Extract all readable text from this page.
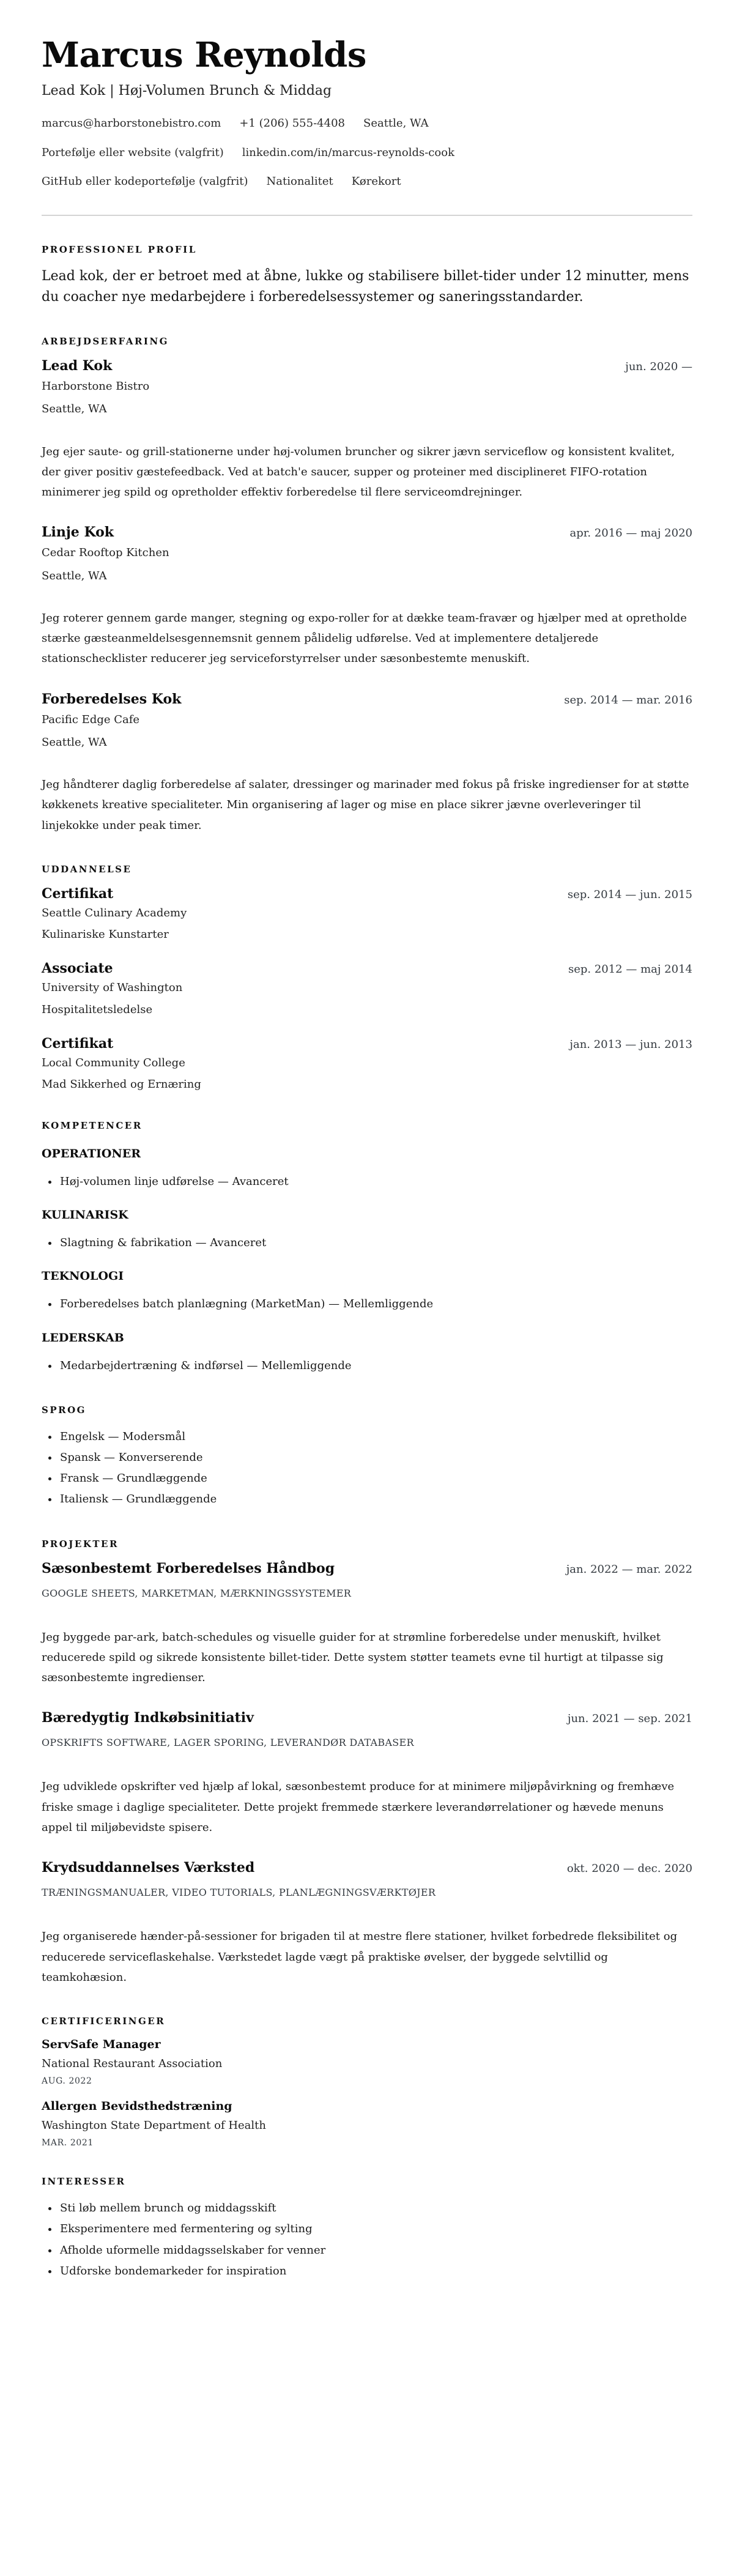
Marcus Reynolds
Lead Kok | Høj-Volumen Brunch & Middag
marcus@harborstonebistro.com +1 (206) 555-4408 Seattle, WA
Portefølje eller website (valgfrit) linkedin.com/in/marcus-reynolds-cook
GitHub eller kodeportefølje (valgfrit) Nationalitet Kørekort
PROFESSIONEL PROFIL

Lead kok, der er betroet med at åbne, lukke og stabilisere billet-tider under 12 minutter, mens du coacher nye medarbejdere i forberedelsessystemer og saneringsstandarder.

ARBEJDSERFARING
Lead Kok	jun. 2020 —
Harborstone Bistro
Seattle, WA

Jeg ejer saute- og grill-stationerne under høj-volumen bruncher og sikrer jævn serviceflow og konsistent kvalitet, der giver positiv gæstefeedback. Ved at batch'e saucer, supper og proteiner med disciplineret FIFO-rotation minimerer jeg spild og opretholder effektiv forberedelse til flere serviceomdrejninger.

Linje Kok	apr. 2016 — maj 2020
Cedar Rooftop Kitchen
Seattle, WA

Jeg roterer gennem garde manger, stegning og expo-roller for at dække team-fravær og hjælper med at opretholde stærke gæsteanmeldelsesgennemsnit gennem pålidelig udførelse. Ved at implementere detaljerede stationschecklister reducerer jeg serviceforstyrrelser under sæsonbestemte menuskift.

Forberedelses Kok	sep. 2014 — mar. 2016
Pacific Edge Cafe
Seattle, WA

Jeg håndterer daglig forberedelse af salater, dressinger og marinader med fokus på friske ingredienser for at støtte køkkenets kreative specialiteter. Min organisering af lager og mise en place sikrer jævne overleveringer til linjekokke under peak timer.

UDDANNELSE
Certifikat	sep. 2014 — jun. 2015
Seattle Culinary Academy
Kulinariske Kunstarter
Associate	sep. 2012 — maj 2014
University of Washington
Hospitalitetsledelse
Certifikat	jan. 2013 — jun. 2013
Local Community College
Mad Sikkerhed og Ernæring
KOMPETENCER
OPERATIONER
• Høj-volumen linje udførelse — Avanceret
KULINARISK
• Slagtning & fabrikation — Avanceret
TEKNOLOGI
• Forberedelses batch planlægning (MarketMan) — Mellemliggende
LEDERSKAB
• Medarbejdertræning & indførsel — Mellemliggende
SPROG
• Engelsk — Modersmål
• Spansk — Konverserende
• Fransk — Grundlæggende
• Italiensk — Grundlæggende
PROJEKTER
Sæsonbestemt Forberedelses Håndbog	jan. 2022 — mar. 2022
GOOGLE SHEETS, MARKETMAN, MÆRKNINGSSYSTEMER

Jeg byggede par-ark, batch-schedules og visuelle guider for at strømline forberedelse under menuskift, hvilket reducerede spild og sikrede konsistente billet-tider. Dette system støtter teamets evne til hurtigt at tilpasse sig sæsonbestemte ingredienser.

Bæredygtig Indkøbsinitiativ	jun. 2021 — sep. 2021
OPSKRIFTS SOFTWARE, LAGER SPORING, LEVERANDØR DATABASER

Jeg udviklede opskrifter ved hjælp af lokal, sæsonbestemt produce for at minimere miljøpåvirkning og fremhæve friske smage i daglige specialiteter. Dette projekt fremmede stærkere leverandørrelationer og hævede menuns appel til miljøbevidste spisere.

Krydsuddannelses Værksted	okt. 2020 — dec. 2020
TRÆNINGSMANUALER, VIDEO TUTORIALS, PLANLÆGNINGSVÆRKTØJER

Jeg organiserede hænder-på-sessioner for brigaden til at mestre flere stationer, hvilket forbedrede fleksibilitet og reducerede serviceflaskehalse. Værkstedet lagde vægt på praktiske øvelser, der byggede selvtillid og teamkohæsion.

CERTIFICERINGER
ServSafe Manager
National Restaurant Association
AUG. 2022
Allergen Bevidsthedstræning
Washington State Department of Health
MAR. 2021
INTERESSER
• Sti løb mellem brunch og middagsskift
• Eksperimentere med fermentering og sylting
• Afholde uformelle middagsselskaber for venner
• Udforske bondemarkeder for inspiration
